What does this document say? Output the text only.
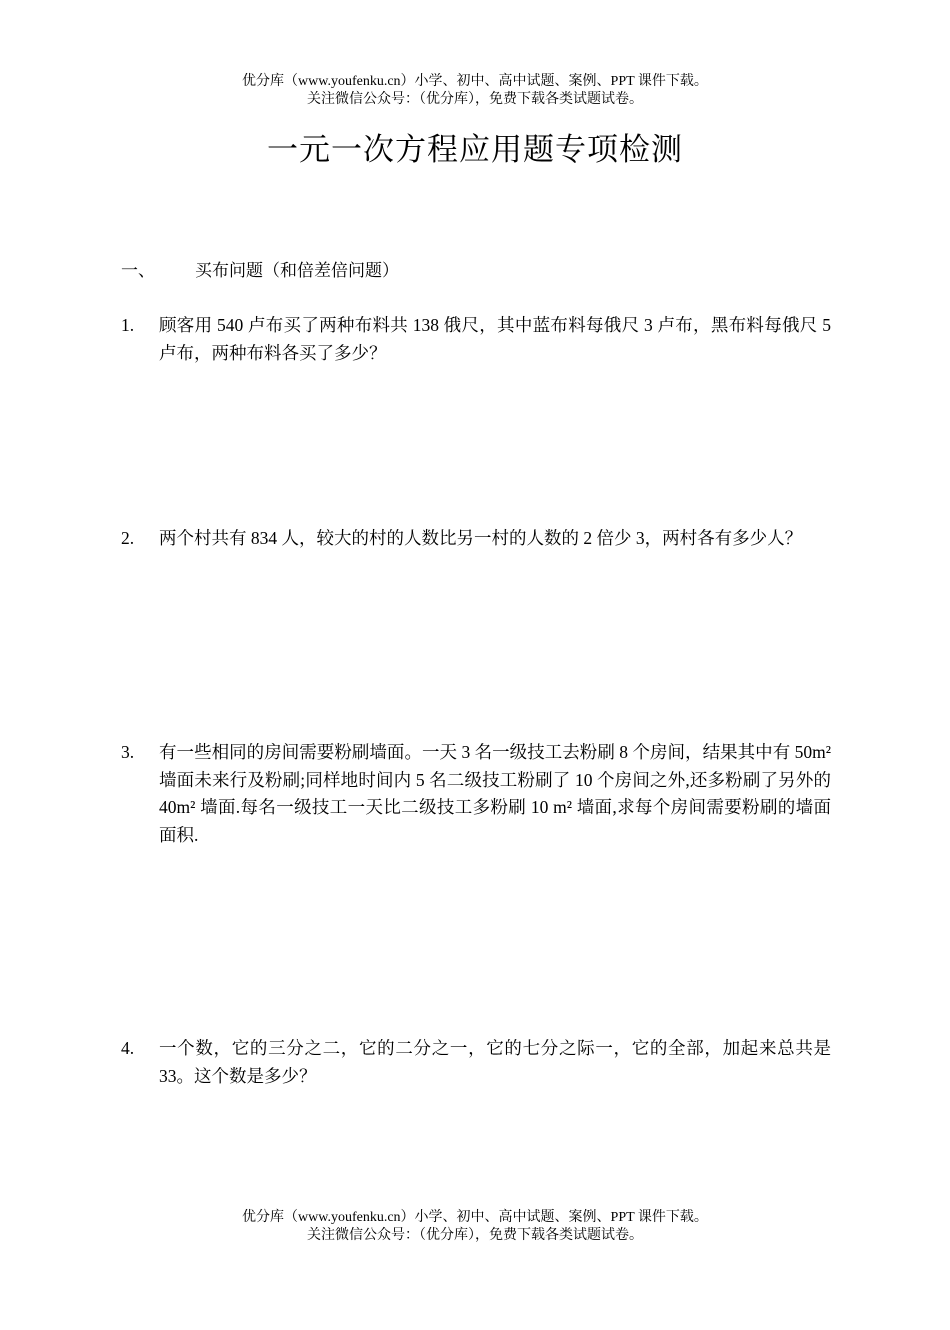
优分库（www.youfenku.cn）小学、初中、高中试题、案例、PPT 课件下载。
关注微信公众号：（优分库），免费下载各类试题试卷。
一元一次方程应用题专项检测
一、 买布问题（和倍差倍问题）
1. 顾客用 540 卢布买了两种布料共 138 俄尺，其中蓝布料每俄尺 3 卢布，黑布料每俄尺 5 卢布，两种布料各买了多少？
2. 两个村共有 834 人，较大的村的人数比另一村的人数的 2 倍少 3，两村各有多少人？
3. 有一些相同的房间需要粉刷墙面。一天 3 名一级技工去粉刷 8 个房间，结果其中有 50m² 墙面未来行及粉刷;同样地时间内 5 名二级技工粉刷了 10 个房间之外,还多粉刷了另外的 40m² 墙面.每名一级技工一天比二级技工多粉刷 10 m² 墙面,求每个房间需要粉刷的墙面面积.
4. 一个数，它的三分之二，它的二分之一，它的七分之际一，它的全部，加起来总共是 33。这个数是多少？
优分库（www.youfenku.cn）小学、初中、高中试题、案例、PPT 课件下载。
关注微信公众号：（优分库），免费下载各类试题试卷。
